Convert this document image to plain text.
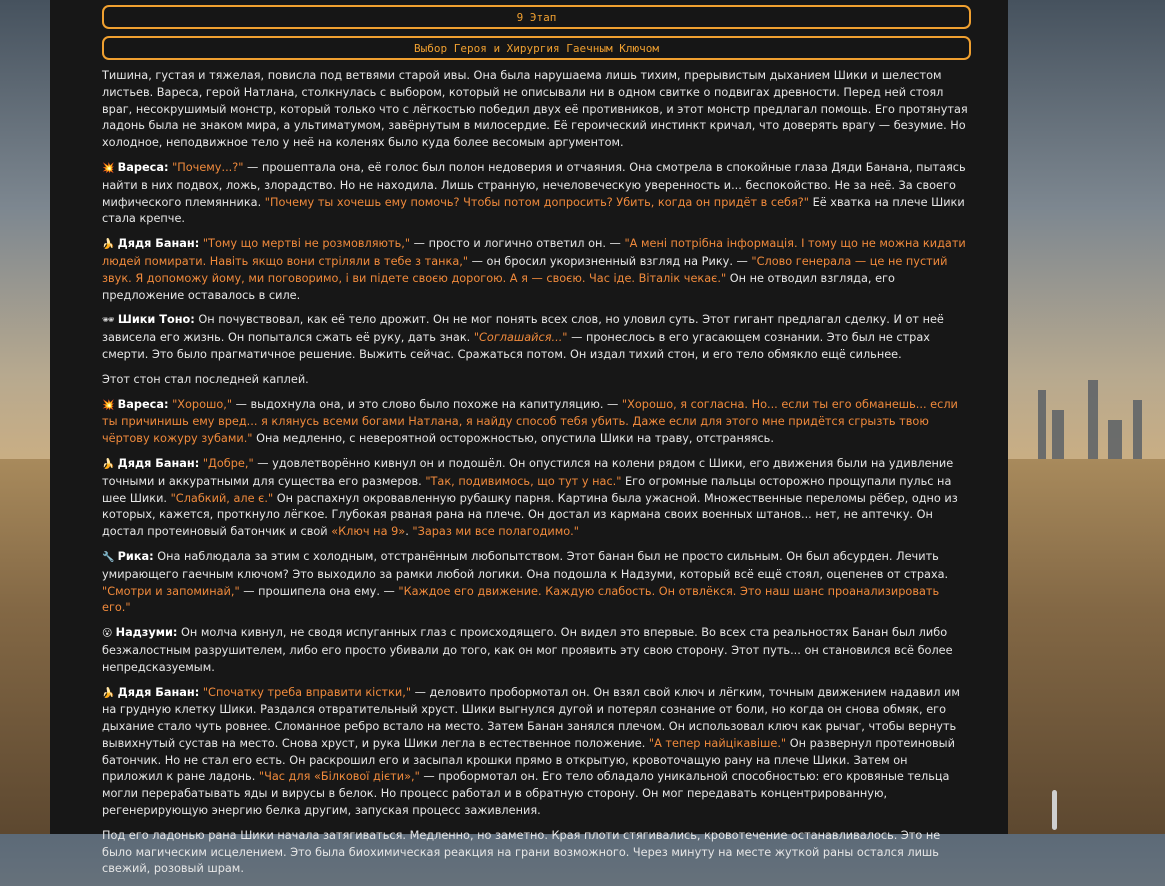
9 Этап
Выбор Героя и Хирургия Гаечным Ключом

Тишина, густая и тяжелая, повисла под ветвями старой ивы. Она была нарушаема лишь тихим, прерывистым дыханием Шики и шелестом листьев. Вареса, герой Натлана, столкнулась с выбором, который не описывали ни в одном свитке о подвигах древности. Перед ней стоял враг, несокрушимый монстр, который только что с лёгкостью победил двух её противников, и этот монстр предлагал помощь. Его протянутая ладонь была не знаком мира, а ультиматумом, завёрнутым в милосердие. Её героический инстинкт кричал, что доверять врагу — безумие. Но холодное, неподвижное тело у неё на коленях было куда более весомым аргументом.

💥 Вареса: "Почему...?" — прошептала она, её голос был полон недоверия и отчаяния. Она смотрела в спокойные глаза Дяди Банана, пытаясь найти в них подвох, ложь, злорадство. Но не находила. Лишь странную, нечеловеческую уверенность и... беспокойство. Не за неё. За своего мифического племянника. "Почему ты хочешь ему помочь? Чтобы потом допросить? Убить, когда он придёт в себя?" Её хватка на плече Шики стала крепче.

🍌 Дядя Банан: "Тому що мертві не розмовляють," — просто и логично ответил он. — "А мені потрібна інформація. І тому що не можна кидати людей помирати. Навіть якщо вони стріляли в тебе з танка," — он бросил укоризненный взгляд на Рику. — "Слово генерала — це не пустий звук. Я допоможу йому, ми поговоримо, і ви підете своєю дорогою. А я — своєю. Час іде. Віталік чекає." Он не отводил взгляда, его предложение оставалось в силе.

🕶 Шики Тоно: Он почувствовал, как её тело дрожит. Он не мог понять всех слов, но уловил суть. Этот гигант предлагал сделку. И от неё зависела его жизнь. Он попытался сжать её руку, дать знак. "Соглашайся..." — пронеслось в его угасающем сознании. Это был не страх смерти. Это было прагматичное решение. Выжить сейчас. Сражаться потом. Он издал тихий стон, и его тело обмякло ещё сильнее.

Этот стон стал последней каплей.

💥 Вареса: "Хорошо," — выдохнула она, и это слово было похоже на капитуляцию. — "Хорошо, я согласна. Но... если ты его обманешь... если ты причинишь ему вред... я клянусь всеми богами Натлана, я найду способ тебя убить. Даже если для этого мне придётся сгрызть твою чёртову кожуру зубами." Она медленно, с невероятной осторожностью, опустила Шики на траву, отстраняясь.

🍌 Дядя Банан: "Добре," — удовлетворённо кивнул он и подошёл. Он опустился на колени рядом с Шики, его движения были на удивление точными и аккуратными для существа его размеров. "Так, подивимось, що тут у нас." Его огромные пальцы осторожно прощупали пульс на шее Шики. "Слабкий, але є." Он распахнул окровавленную рубашку парня. Картина была ужасной. Множественные переломы рёбер, одно из которых, кажется, проткнуло лёгкое. Глубокая рваная рана на плече. Он достал из кармана своих военных штанов... нет, не аптечку. Он достал протеиновый батончик и свой «Ключ на 9». "Зараз ми все полагодимо."

🔧 Рика: Она наблюдала за этим с холодным, отстранённым любопытством. Этот банан был не просто сильным. Он был абсурден. Лечить умирающего гаечным ключом? Это выходило за рамки любой логики. Она подошла к Надзуми, который всё ещё стоял, оцепенев от страха. "Смотри и запоминай," — прошипела она ему. — "Каждое его движение. Каждую слабость. Он отвлёкся. Это наш шанс проанализировать его."

😮 Надзуми: Он молча кивнул, не сводя испуганных глаз с происходящего. Он видел это впервые. Во всех ста реальностях Банан был либо безжалостным разрушителем, либо его просто убивали до того, как он мог проявить эту свою сторону. Этот путь... он становился всё более непредсказуемым.

🍌 Дядя Банан: "Спочатку треба вправити кістки," — деловито пробормотал он. Он взял свой ключ и лёгким, точным движением надавил им на грудную клетку Шики. Раздался отвратительный хруст. Шики выгнулся дугой и потерял сознание от боли, но когда он снова обмяк, его дыхание стало чуть ровнее. Сломанное ребро встало на место. Затем Банан занялся плечом. Он использовал ключ как рычаг, чтобы вернуть вывихнутый сустав на место. Снова хруст, и рука Шики легла в естественное положение. "А тепер найцікавіше." Он развернул протеиновый батончик. Но не стал его есть. Он раскрошил его и засыпал крошки прямо в открытую, кровоточащую рану на плече Шики. Затем он приложил к ране ладонь. "Час для «Білкової дієти»," — пробормотал он. Его тело обладало уникальной способностью: его кровяные тельца могли перерабатывать яды и вирусы в белок. Но процесс работал и в обратную сторону. Он мог передавать концентрированную, регенерирующую энергию белка другим, запуская процесс заживления.

Под его ладонью рана Шики начала затягиваться. Медленно, но заметно. Края плоти стягивались, кровотечение останавливалось. Это не было магическим исцелением. Это была биохимическая реакция на грани возможного. Через минуту на месте жуткой раны остался лишь свежий, розовый шрам.
